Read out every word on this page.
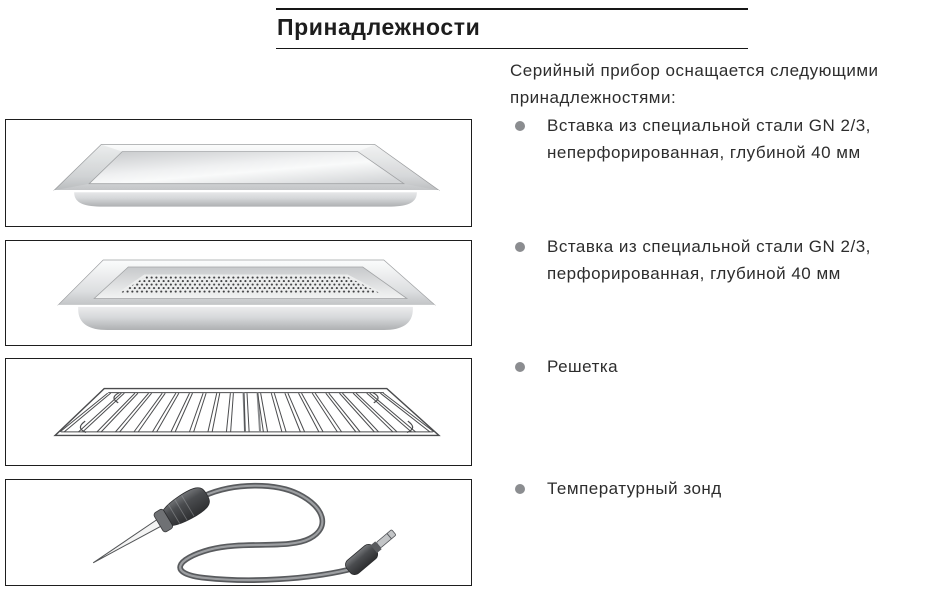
Принадлежности
Серийный прибор оснащается следующими принадлежностями:
Вставка из специальной стали GN 2/3, неперфорированная, глубиной 40 мм
Вставка из специальной стали GN 2/3, перфорированная, глубиной 40 мм
Решетка
Температурный зонд
